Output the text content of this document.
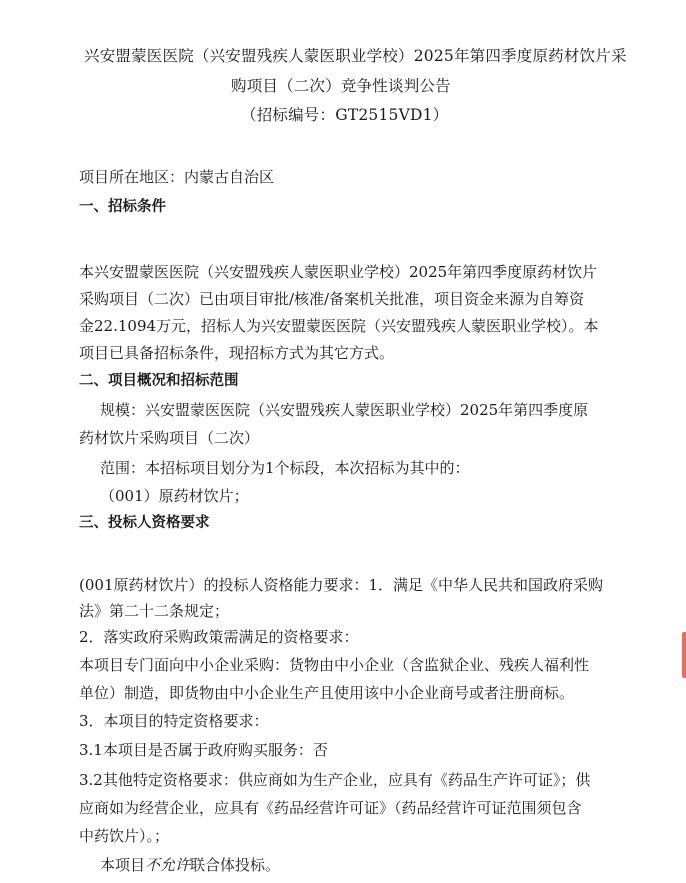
兴安盟蒙医医院（兴安盟残疾人蒙医职业学校）2025年第四季度原药材饮片采
购项目（二次）竞争性谈判公告
（招标编号：GT2515VD1）
项目所在地区：内蒙古自治区
一、招标条件
本兴安盟蒙医医院（兴安盟残疾人蒙医职业学校）2025年第四季度原药材饮片
采购项目（二次）已由项目审批/核准/备案机关批准，项目资金来源为自筹资
金22.1094万元，招标人为兴安盟蒙医医院（兴安盟残疾人蒙医职业学校）。本
项目已具备招标条件，现招标方式为其它方式。
二、项目概况和招标范围
规模：兴安盟蒙医医院（兴安盟残疾人蒙医职业学校）2025年第四季度原
药材饮片采购项目（二次）
范围：本招标项目划分为1个标段，本次招标为其中的：
（001）原药材饮片；
三、投标人资格要求
(001原药材饮片）的投标人资格能力要求：1．满足《中华人民共和国政府采购
法》第二十二条规定；
2．落实政府采购政策需满足的资格要求：
本项目专门面向中小企业采购：货物由中小企业（含监狱企业、残疾人福利性
单位）制造，即货物由中小企业生产且使用该中小企业商号或者注册商标。
3．本项目的特定资格要求：
3.1本项目是否属于政府购买服务：否
3.2其他特定资格要求：供应商如为生产企业，应具有《药品生产许可证》；供
应商如为经营企业，应具有《药品经营许可证》（药品经营许可证范围须包含
中药饮片）。；
本项目不允许联合体投标。
